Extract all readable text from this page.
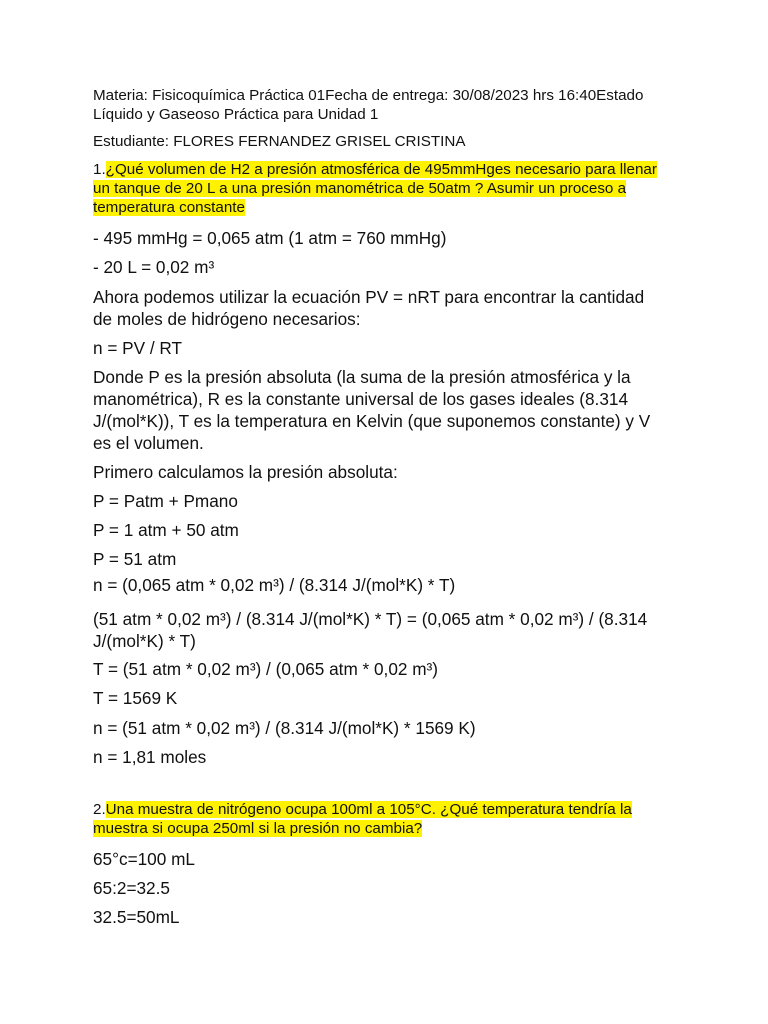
Materia: Fisicoquímica Práctica 01Fecha de entrega: 30/08/2023 hrs 16:40Estado
Líquido y Gaseoso Práctica para Unidad 1
Estudiante: FLORES FERNANDEZ GRISEL CRISTINA
1.¿Qué volumen de H2 a presión atmosférica de 495mmHges necesario para llenar
un tanque de 20 L a una presión manométrica de 50atm ? Asumir un proceso a
temperatura constante
- 495 mmHg = 0,065 atm (1 atm = 760 mmHg)
- 20 L = 0,02 m³
Ahora podemos utilizar la ecuación PV = nRT para encontrar la cantidad
de moles de hidrógeno necesarios:
n = PV / RT
Donde P es la presión absoluta (la suma de la presión atmosférica y la
manométrica), R es la constante universal de los gases ideales (8.314
J/(mol*K)), T es la temperatura en Kelvin (que suponemos constante) y V
es el volumen.
Primero calculamos la presión absoluta:
P = Patm + Pmano
P = 1 atm + 50 atm
P = 51 atm
n = (0,065 atm * 0,02 m³) / (8.314 J/(mol*K) * T)
(51 atm * 0,02 m³) / (8.314 J/(mol*K) * T) = (0,065 atm * 0,02 m³) / (8.314
J/(mol*K) * T)
T = (51 atm * 0,02 m³) / (0,065 atm * 0,02 m³)
T = 1569 K
n = (51 atm * 0,02 m³) / (8.314 J/(mol*K) * 1569 K)
n = 1,81 moles
2.Una muestra de nitrógeno ocupa 100ml a 105°C. ¿Qué temperatura tendría la
muestra si ocupa 250ml si la presión no cambia?
65°c=100 mL
65:2=32.5
32.5=50mL
